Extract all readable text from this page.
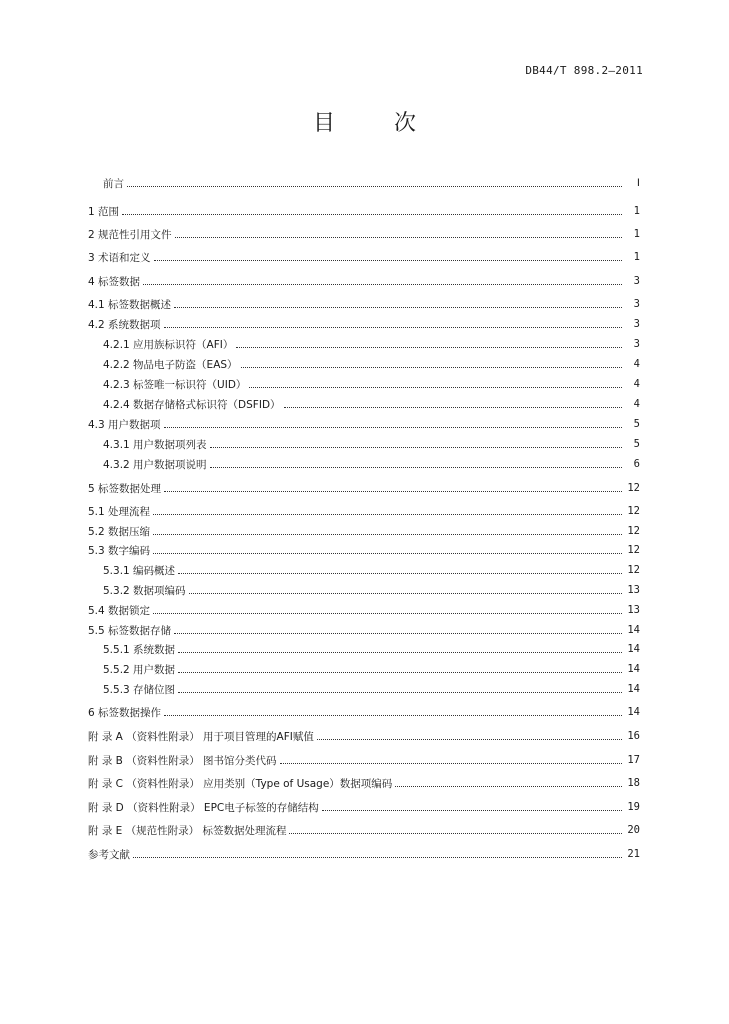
DB44/T 898.2—2011
目 次
前言	Ⅰ
1 范围	1
2 规范性引用文件	1
3 术语和定义	1
4 标签数据	3
4.1 标签数据概述	3
4.2 系统数据项	3
4.2.1 应用族标识符（AFI）	3
4.2.2 物品电子防盗（EAS）	4
4.2.3 标签唯一标识符（UID）	4
4.2.4 数据存储格式标识符（DSFID）	4
4.3 用户数据项	5
4.3.1 用户数据项列表	5
4.3.2 用户数据项说明	6
5 标签数据处理	12
5.1 处理流程	12
5.2 数据压缩	12
5.3 数字编码	12
5.3.1 编码概述	12
5.3.2 数据项编码	13
5.4 数据锁定	13
5.5 标签数据存储	14
5.5.1 系统数据	14
5.5.2 用户数据	14
5.5.3 存储位图	14
6 标签数据操作	14
附 录 A （资料性附录） 用于项目管理的AFI赋值	16
附 录 B （资料性附录） 图书馆分类代码	17
附 录 C （资料性附录） 应用类别（Type of Usage）数据项编码	18
附 录 D （资料性附录） EPC电子标签的存储结构	19
附 录 E （规范性附录） 标签数据处理流程	20
参考文献	21
